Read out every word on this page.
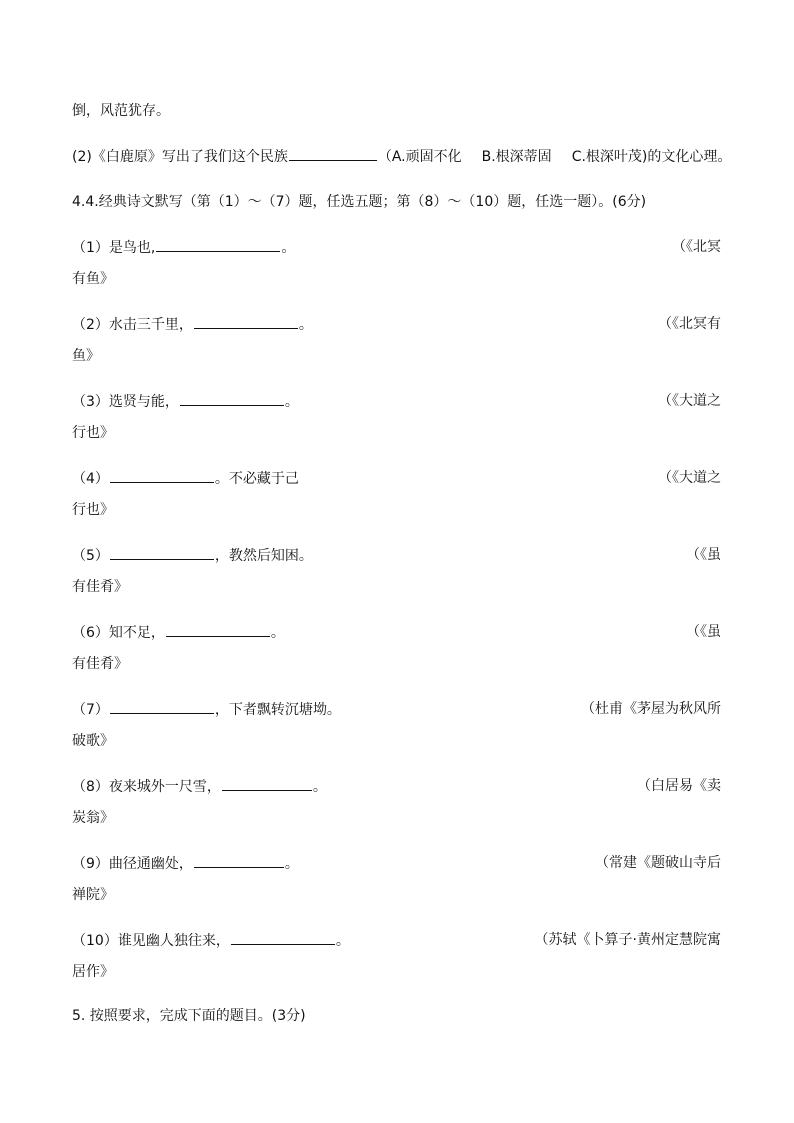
倒，风范犹存。
(2)《白鹿原》写出了我们这个民族	（A.顽固不化 B.根深蒂固 C.根深叶茂)的文化心理。
4.4.经典诗文默写（第（1）～（7）题，任选五题；第（8）～（10）题，任选一题）。(6分)
（1）是鸟也,	。	（《北冥
有鱼》
（2）水击三千里，	。	（《北冥有
鱼》
（3）选贤与能，	。	（《大道之
行也》
（4）	。不必藏于己	（《大道之
行也》
（5）	，教然后知困。	（《虽
有佳肴》
（6）知不足，	。	（《虽
有佳肴》
（7）	，下者飘转沉塘坳。	（杜甫《茅屋为秋风所
破歌》
（8）夜来城外一尺雪，	。	（白居易《卖
炭翁》
（9）曲径通幽处，	。	（常建《题破山寺后
禅院》
（10）谁见幽人独往来，	。	（苏轼《卜算子·黄州定慧院寓
居作》
5. 按照要求，完成下面的题目。(3分)
